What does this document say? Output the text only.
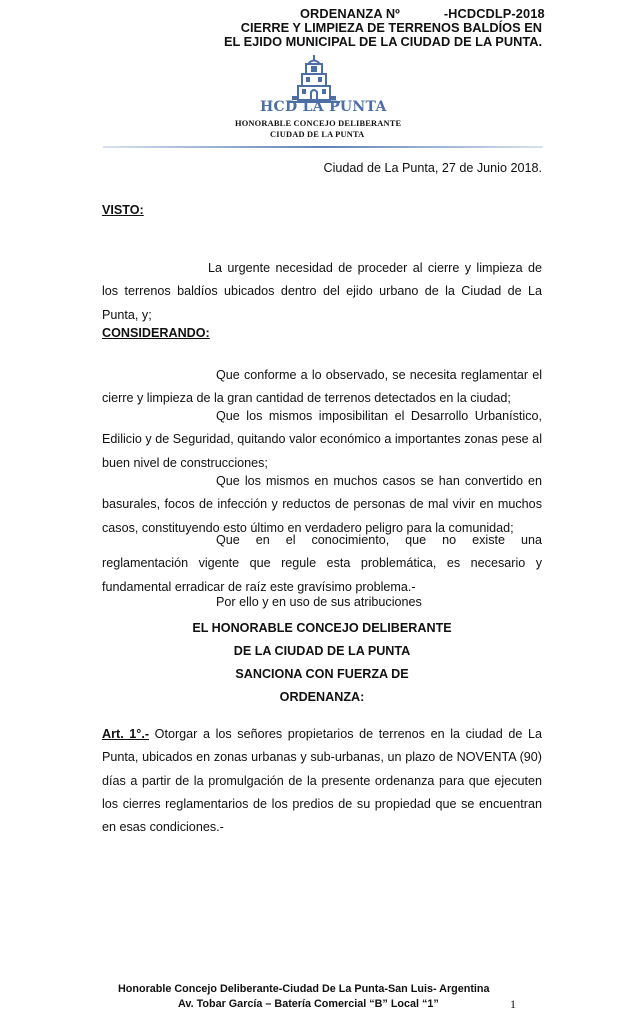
ORDENANZA Nº            -HCDCDLP-2018
CIERRE Y LIMPIEZA DE TERRENOS BALDÍOS EN
EL EJIDO MUNICIPAL DE LA CIUDAD DE LA PUNTA.
HCD LA PUNTA
HONORABLE CONCEJO DELIBERANTE
CIUDAD DE LA PUNTA
Ciudad de La Punta, 27 de Junio 2018.
VISTO:
La urgente necesidad de proceder al cierre y limpieza de los terrenos baldíos ubicados dentro del ejido urbano de la Ciudad de La Punta, y;
CONSIDERANDO:
Que conforme a lo observado, se necesita reglamentar el cierre y limpieza de la gran cantidad de terrenos detectados en la ciudad;
Que los mismos imposibilitan el Desarrollo Urbanístico, Edilicio y de Seguridad, quitando valor económico a importantes zonas pese al buen nivel de construcciones;
Que los mismos en muchos casos se han convertido en basurales, focos de infección y reductos de personas de mal vivir en muchos casos, constituyendo esto último en verdadero peligro para la comunidad;
Que en el conocimiento, que no existe una reglamentación vigente que regule esta problemática, es necesario y fundamental erradicar de raíz este gravísimo problema.-
Por ello y en uso de sus atribuciones
EL HONORABLE CONCEJO DELIBERANTE
DE LA CIUDAD DE LA PUNTA
SANCIONA CON FUERZA DE
ORDENANZA:
Art. 1°.- Otorgar a los señores propietarios de terrenos en la ciudad de La Punta, ubicados en zonas urbanas y sub-urbanas, un plazo de NOVENTA (90) días a partir de la promulgación de la presente ordenanza para que ejecuten los cierres reglamentarios de los predios de su propiedad que se encuentran en esas condiciones.-
Honorable Concejo Deliberante-Ciudad De La Punta-San Luis- Argentina
Av. Tobar García – Batería Comercial “B” Local “1”	1
